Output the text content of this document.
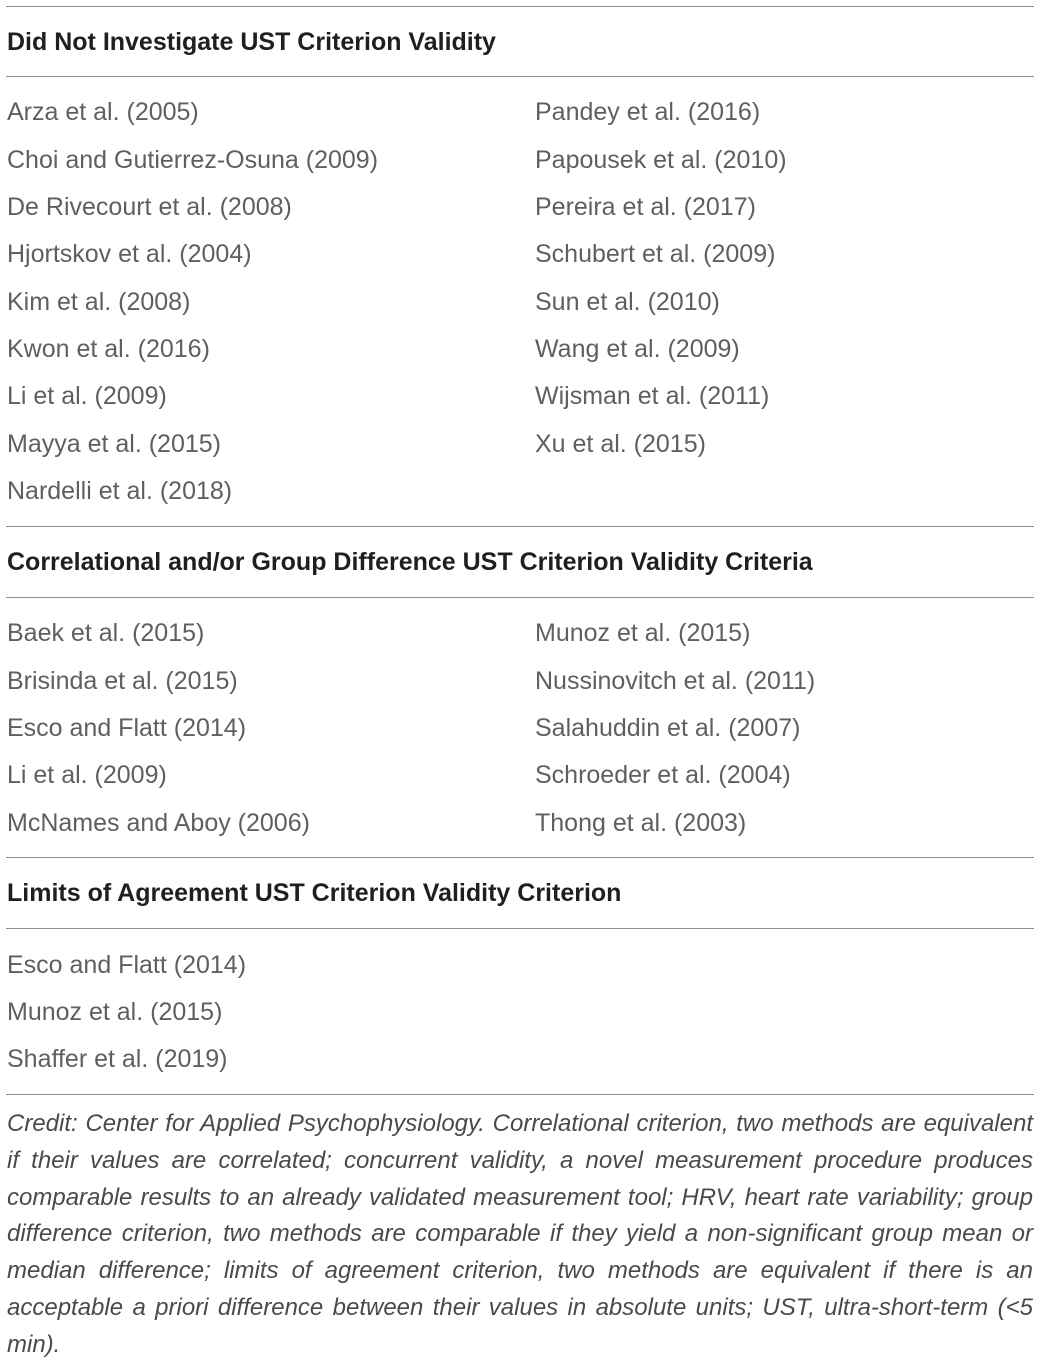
Did Not Investigate UST Criterion Validity
Arza et al. (2005)
Choi and Gutierrez-Osuna (2009)
De Rivecourt et al. (2008)
Hjortskov et al. (2004)
Kim et al. (2008)
Kwon et al. (2016)
Li et al. (2009)
Mayya et al. (2015)
Nardelli et al. (2018)
Pandey et al. (2016)
Papousek et al. (2010)
Pereira et al. (2017)
Schubert et al. (2009)
Sun et al. (2010)
Wang et al. (2009)
Wijsman et al. (2011)
Xu et al. (2015)
Correlational and/or Group Difference UST Criterion Validity Criteria
Baek et al. (2015)
Brisinda et al. (2015)
Esco and Flatt (2014)
Li et al. (2009)
McNames and Aboy (2006)
Munoz et al. (2015)
Nussinovitch et al. (2011)
Salahuddin et al. (2007)
Schroeder et al. (2004)
Thong et al. (2003)
Limits of Agreement UST Criterion Validity Criterion
Esco and Flatt (2014)
Munoz et al. (2015)
Shaffer et al. (2019)
Credit: Center for Applied Psychophysiology. Correlational criterion, two methods are equivalent if their values are correlated; concurrent validity, a novel measurement procedure produces comparable results to an already validated measurement tool; HRV, heart rate variability; group difference criterion, two methods are comparable if they yield a non-significant group mean or median difference; limits of agreement criterion, two methods are equivalent if there is an acceptable a priori difference between their values in absolute units; UST, ultra-short-term (<5 min).
